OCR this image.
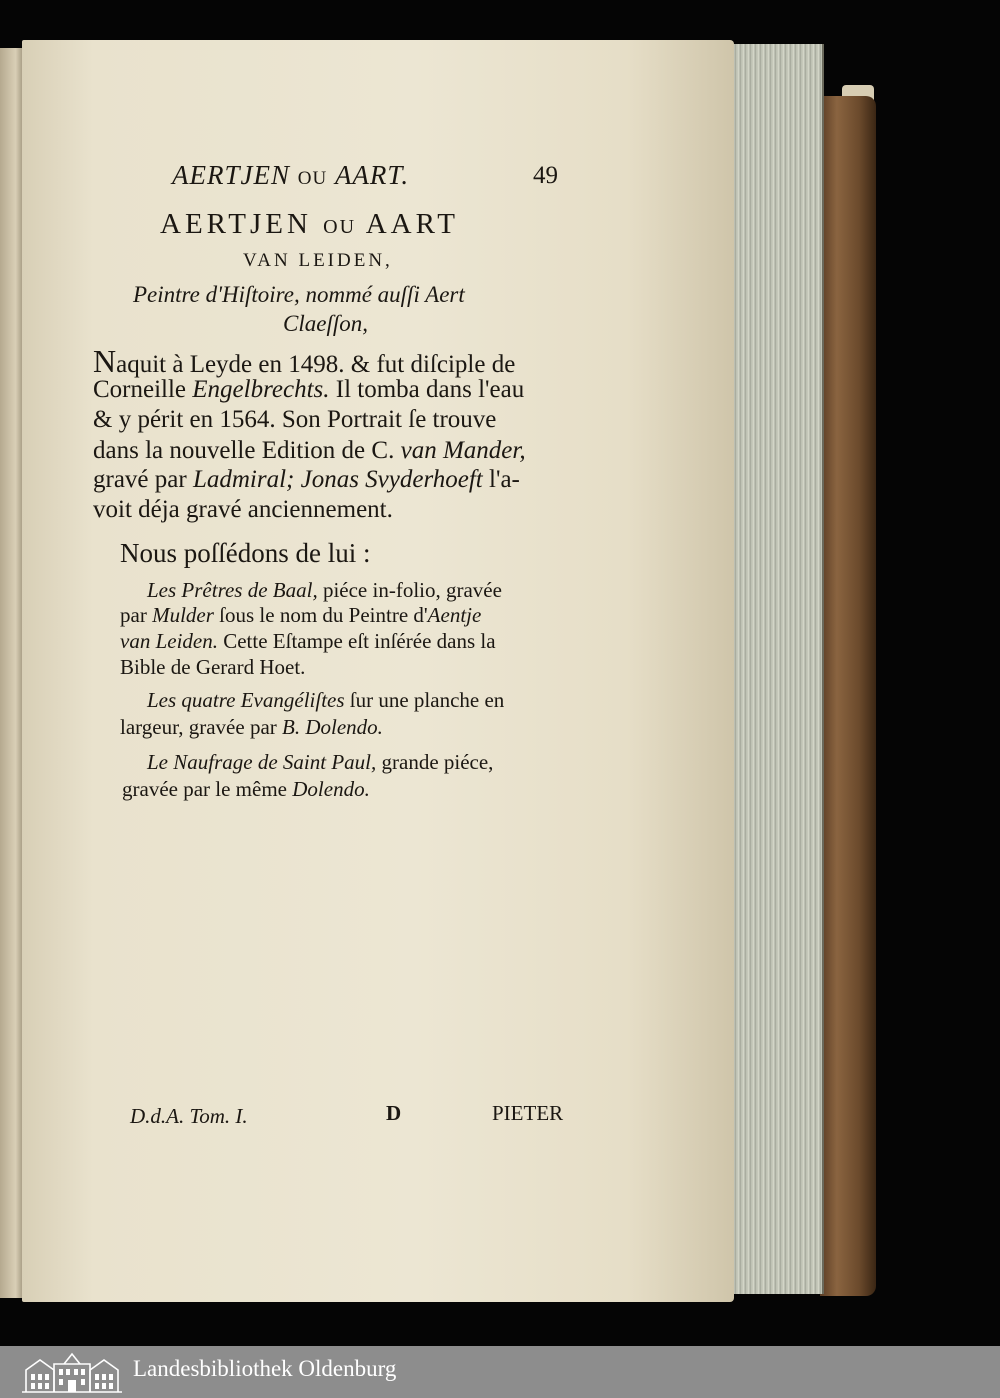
AERTJEN OU AART.	49
AERTJEN OU AART
VAN LEIDEN,
Peintre d'Hiſtoire, nommé auſſi Aert
Claeſſon,
Naquit à Leyde en 1498. & fut diſciple de
Corneille Engelbrechts. Il tomba dans l'eau
& y périt en 1564. Son Portrait ſe trouve
dans la nouvelle Edition de C. van Mander,
gravé par Ladmiral; Jonas Svyderhoeft l'a-
voit déja gravé anciennement.
Nous poſſédons de lui :
Les Prêtres de Baal, piéce in-folio, gravée
par Mulder ſous le nom du Peintre d'Aentje
van Leiden. Cette Eſtampe eſt inſérée dans la
Bible de Gerard Hoet.
Les quatre Evangéliſtes ſur une planche en
largeur, gravée par B. Dolendo.
Le Naufrage de Saint Paul, grande piéce,
gravée par le même Dolendo.
D.d.A. Tom. I.	D	PIETER
Landesbibliothek Oldenburg
